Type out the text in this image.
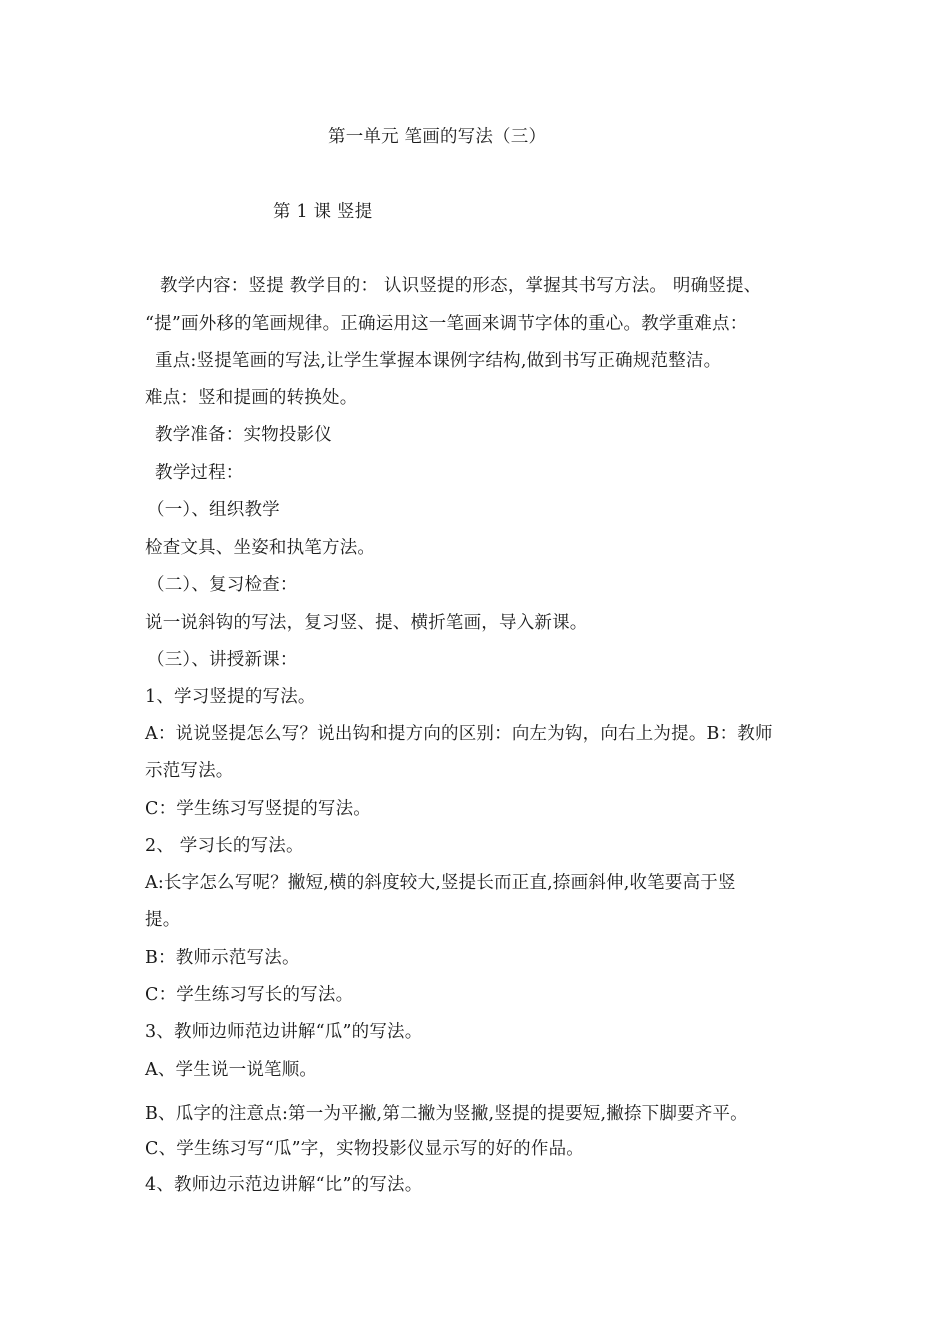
第一单元 笔画的写法（三）
第 1 课 竖提
教学内容：竖提 教学目的： 认识竖提的形态，掌握其书写方法。 明确竖提、
“提”画外移的笔画规律。正确运用这一笔画来调节字体的重心。教学重难点：
重点:竖提笔画的写法,让学生掌握本课例字结构,做到书写正确规范整洁。
难点：竖和提画的转换处。
教学准备：实物投影仪
教学过程：
（一）、组织教学
检查文具、坐姿和执笔方法。
（二）、复习检查：
说一说斜钩的写法，复习竖、提、横折笔画，导入新课。
（三）、讲授新课：
1、学习竖提的写法。
A：说说竖提怎么写？说出钩和提方向的区别：向左为钩，向右上为提。B：教师
示范写法。
C：学生练习写竖提的写法。
2、 学习长的写法。
A:长字怎么写呢？撇短,横的斜度较大,竖提长而正直,捺画斜伸,收笔要高于竖
提。
B：教师示范写法。
C：学生练习写长的写法。
3、教师边师范边讲解“瓜”的写法。
A、学生说一说笔顺。
B、瓜字的注意点:第一为平撇,第二撇为竖撇,竖提的提要短,撇捺下脚要齐平。
C、学生练习写“瓜”字，实物投影仪显示写的好的作品。
4、教师边示范边讲解“比”的写法。
